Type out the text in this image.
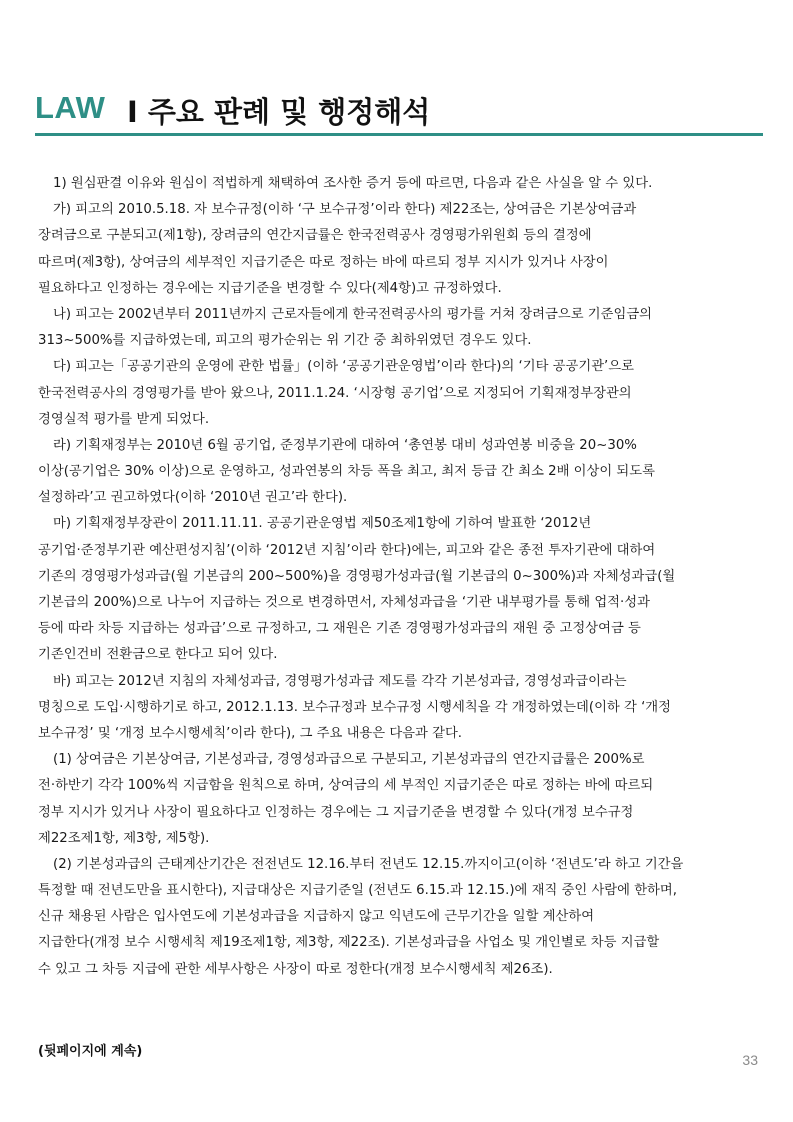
LAW Ι 주요 판례 및 행정해석
1) 원심판결 이유와 원심이 적법하게 채택하여 조사한 증거 등에 따르면, 다음과 같은 사실을 알 수 있다.
가) 피고의 2010.5.18. 자 보수규정(이하 ‘구 보수규정’이라 한다) 제22조는, 상여금은 기본상여금과
장려금으로 구분되고(제1항), 장려금의 연간지급률은 한국전력공사 경영평가위원회 등의 결정에
따르며(제3항), 상여금의 세부적인 지급기준은 따로 정하는 바에 따르되 정부 지시가 있거나 사장이
필요하다고 인정하는 경우에는 지급기준을 변경할 수 있다(제4항)고 규정하였다.
나) 피고는 2002년부터 2011년까지 근로자들에게 한국전력공사의 평가를 거쳐 장려금으로 기준임금의
313~500%를 지급하였는데, 피고의 평가순위는 위 기간 중 최하위였던 경우도 있다.
다) 피고는「공공기관의 운영에 관한 법률」(이하 ‘공공기관운영법’이라 한다)의 ‘기타 공공기관’으로
한국전력공사의 경영평가를 받아 왔으나, 2011.1.24. ‘시장형 공기업’으로 지정되어 기획재정부장관의
경영실적 평가를 받게 되었다.
라) 기획재정부는 2010년 6월 공기업, 준정부기관에 대하여 ‘총연봉 대비 성과연봉 비중을 20~30%
이상(공기업은 30% 이상)으로 운영하고, 성과연봉의 차등 폭을 최고, 최저 등급 간 최소 2배 이상이 되도록
설정하라’고 권고하였다(이하 ‘2010년 권고’라 한다).
마) 기획재정부장관이 2011.11.11. 공공기관운영법 제50조제1항에 기하여 발표한 ‘2012년
공기업·준정부기관 예산편성지침’(이하 ‘2012년 지침’이라 한다)에는, 피고와 같은 종전 투자기관에 대하여
기존의 경영평가성과급(월 기본급의 200~500%)을 경영평가성과급(월 기본급의 0~300%)과 자체성과급(월
기본급의 200%)으로 나누어 지급하는 것으로 변경하면서, 자체성과급을 ‘기관 내부평가를 통해 업적·성과
등에 따라 차등 지급하는 성과급’으로 규정하고, 그 재원은 기존 경영평가성과급의 재원 중 고정상여금 등
기존인건비 전환금으로 한다고 되어 있다.
바) 피고는 2012년 지침의 자체성과급, 경영평가성과급 제도를 각각 기본성과급, 경영성과급이라는
명칭으로 도입·시행하기로 하고, 2012.1.13. 보수규정과 보수규정 시행세칙을 각 개정하였는데(이하 각 ‘개정
보수규정’ 및 ‘개정 보수시행세칙’이라 한다), 그 주요 내용은 다음과 같다.
(1) 상여금은 기본상여금, 기본성과급, 경영성과급으로 구분되고, 기본성과급의 연간지급률은 200%로
전·하반기 각각 100%씩 지급함을 원칙으로 하며, 상여금의 세 부적인 지급기준은 따로 정하는 바에 따르되
정부 지시가 있거나 사장이 필요하다고 인정하는 경우에는 그 지급기준을 변경할 수 있다(개정 보수규정
제22조제1항, 제3항, 제5항).
(2) 기본성과급의 근태계산기간은 전전년도 12.16.부터 전년도 12.15.까지이고(이하 ‘전년도’라 하고 기간을
특정할 때 전년도만을 표시한다), 지급대상은 지급기준일 (전년도 6.15.과 12.15.)에 재직 중인 사람에 한하며,
신규 채용된 사람은 입사연도에 기본성과급을 지급하지 않고 익년도에 근무기간을 일할 계산하여
지급한다(개정 보수 시행세칙 제19조제1항, 제3항, 제22조). 기본성과급을 사업소 및 개인별로 차등 지급할
수 있고 그 차등 지급에 관한 세부사항은 사장이 따로 정한다(개정 보수시행세칙 제26조).
(뒷페이지에 계속)
33
